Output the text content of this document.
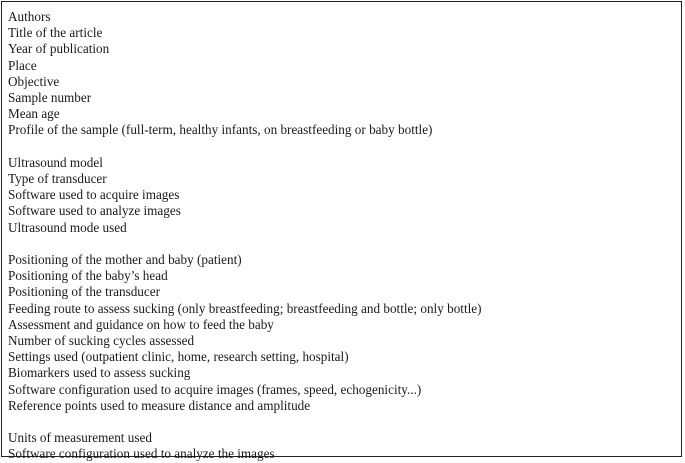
Authors
Title of the article
Year of publication
Place
Objective
Sample number
Mean age
Profile of the sample (full-term, healthy infants, on breastfeeding or baby bottle)
Ultrasound model
Type of transducer
Software used to acquire images
Software used to analyze images
Ultrasound mode used
Positioning of the mother and baby (patient)
Positioning of the baby’s head
Positioning of the transducer
Feeding route to assess sucking (only breastfeeding; breastfeeding and bottle; only bottle)
Assessment and guidance on how to feed the baby
Number of sucking cycles assessed
Settings used (outpatient clinic, home, research setting, hospital)
Biomarkers used to assess sucking
Software configuration used to acquire images (frames, speed, echogenicity...)
Reference points used to measure distance and amplitude
Units of measurement used
Software configuration used to analyze the images
